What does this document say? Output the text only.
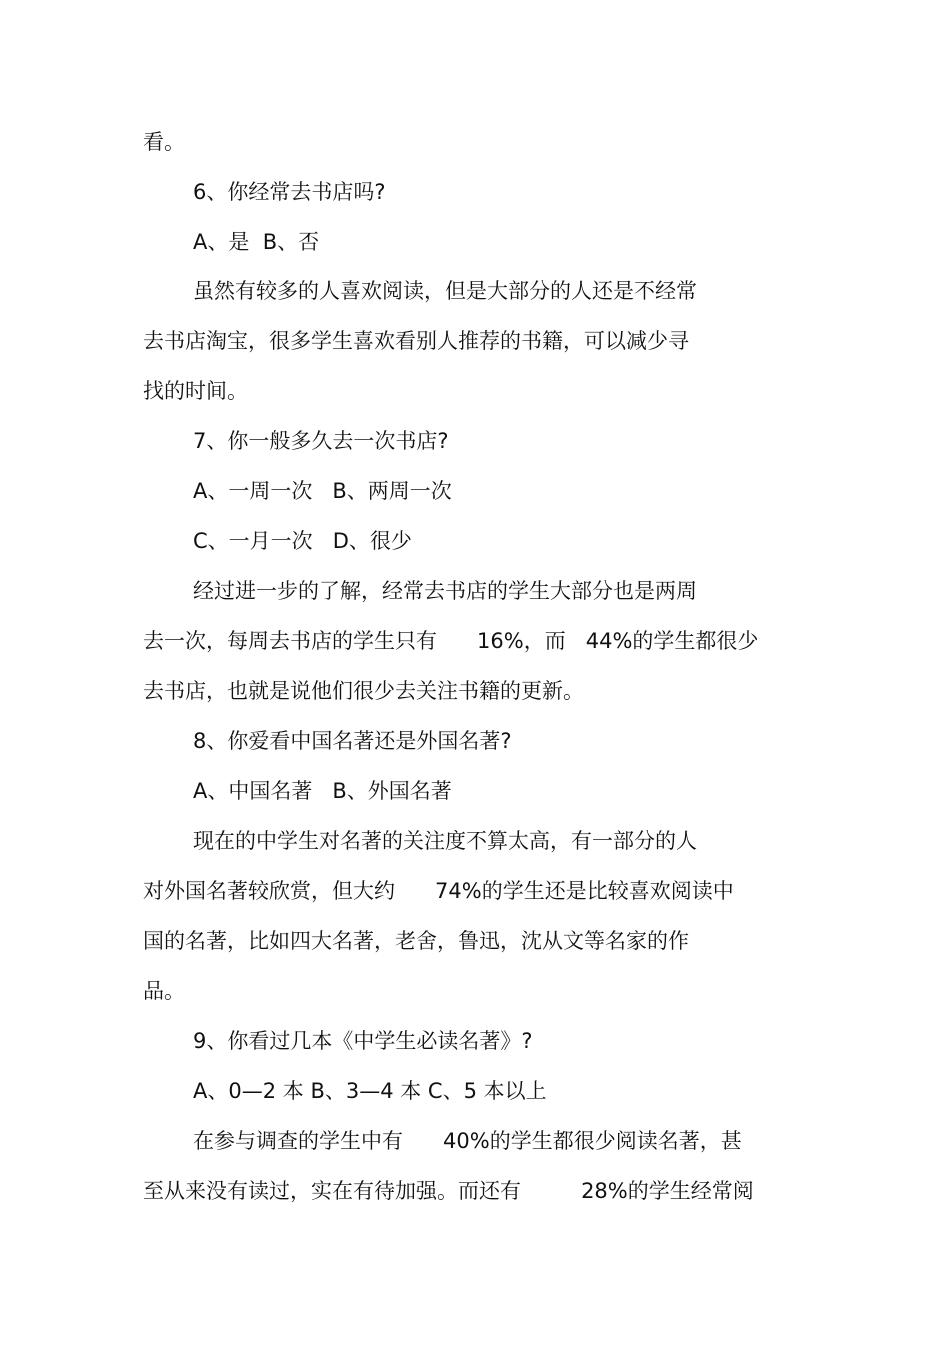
看。
6、你经常去书店吗?
A、是  B、否
虽然有较多的人喜欢阅读，但是大部分的人还是不经常
去书店淘宝，很多学生喜欢看别人推荐的书籍，可以减少寻
找的时间。
7、你一般多久去一次书店?
A、一周一次   B、两周一次
C、一月一次   D、很少
经过进一步的了解，经常去书店的学生大部分也是两周
去一次，每周去书店的学生只有      16%，而   44%的学生都很少
去书店，也就是说他们很少去关注书籍的更新。
8、你爱看中国名著还是外国名著?
A、中国名著   B、外国名著
现在的中学生对名著的关注度不算太高，有一部分的人
对外国名著较欣赏，但大约      74%的学生还是比较喜欢阅读中
国的名著，比如四大名著，老舍，鲁迅，沈从文等名家的作
品。
9、你看过几本《中学生必读名著》?
A、0—2 本 B、3—4 本 C、5 本以上
在参与调查的学生中有      40%的学生都很少阅读名著，甚
至从来没有读过，实在有待加强。而还有         28%的学生经常阅
